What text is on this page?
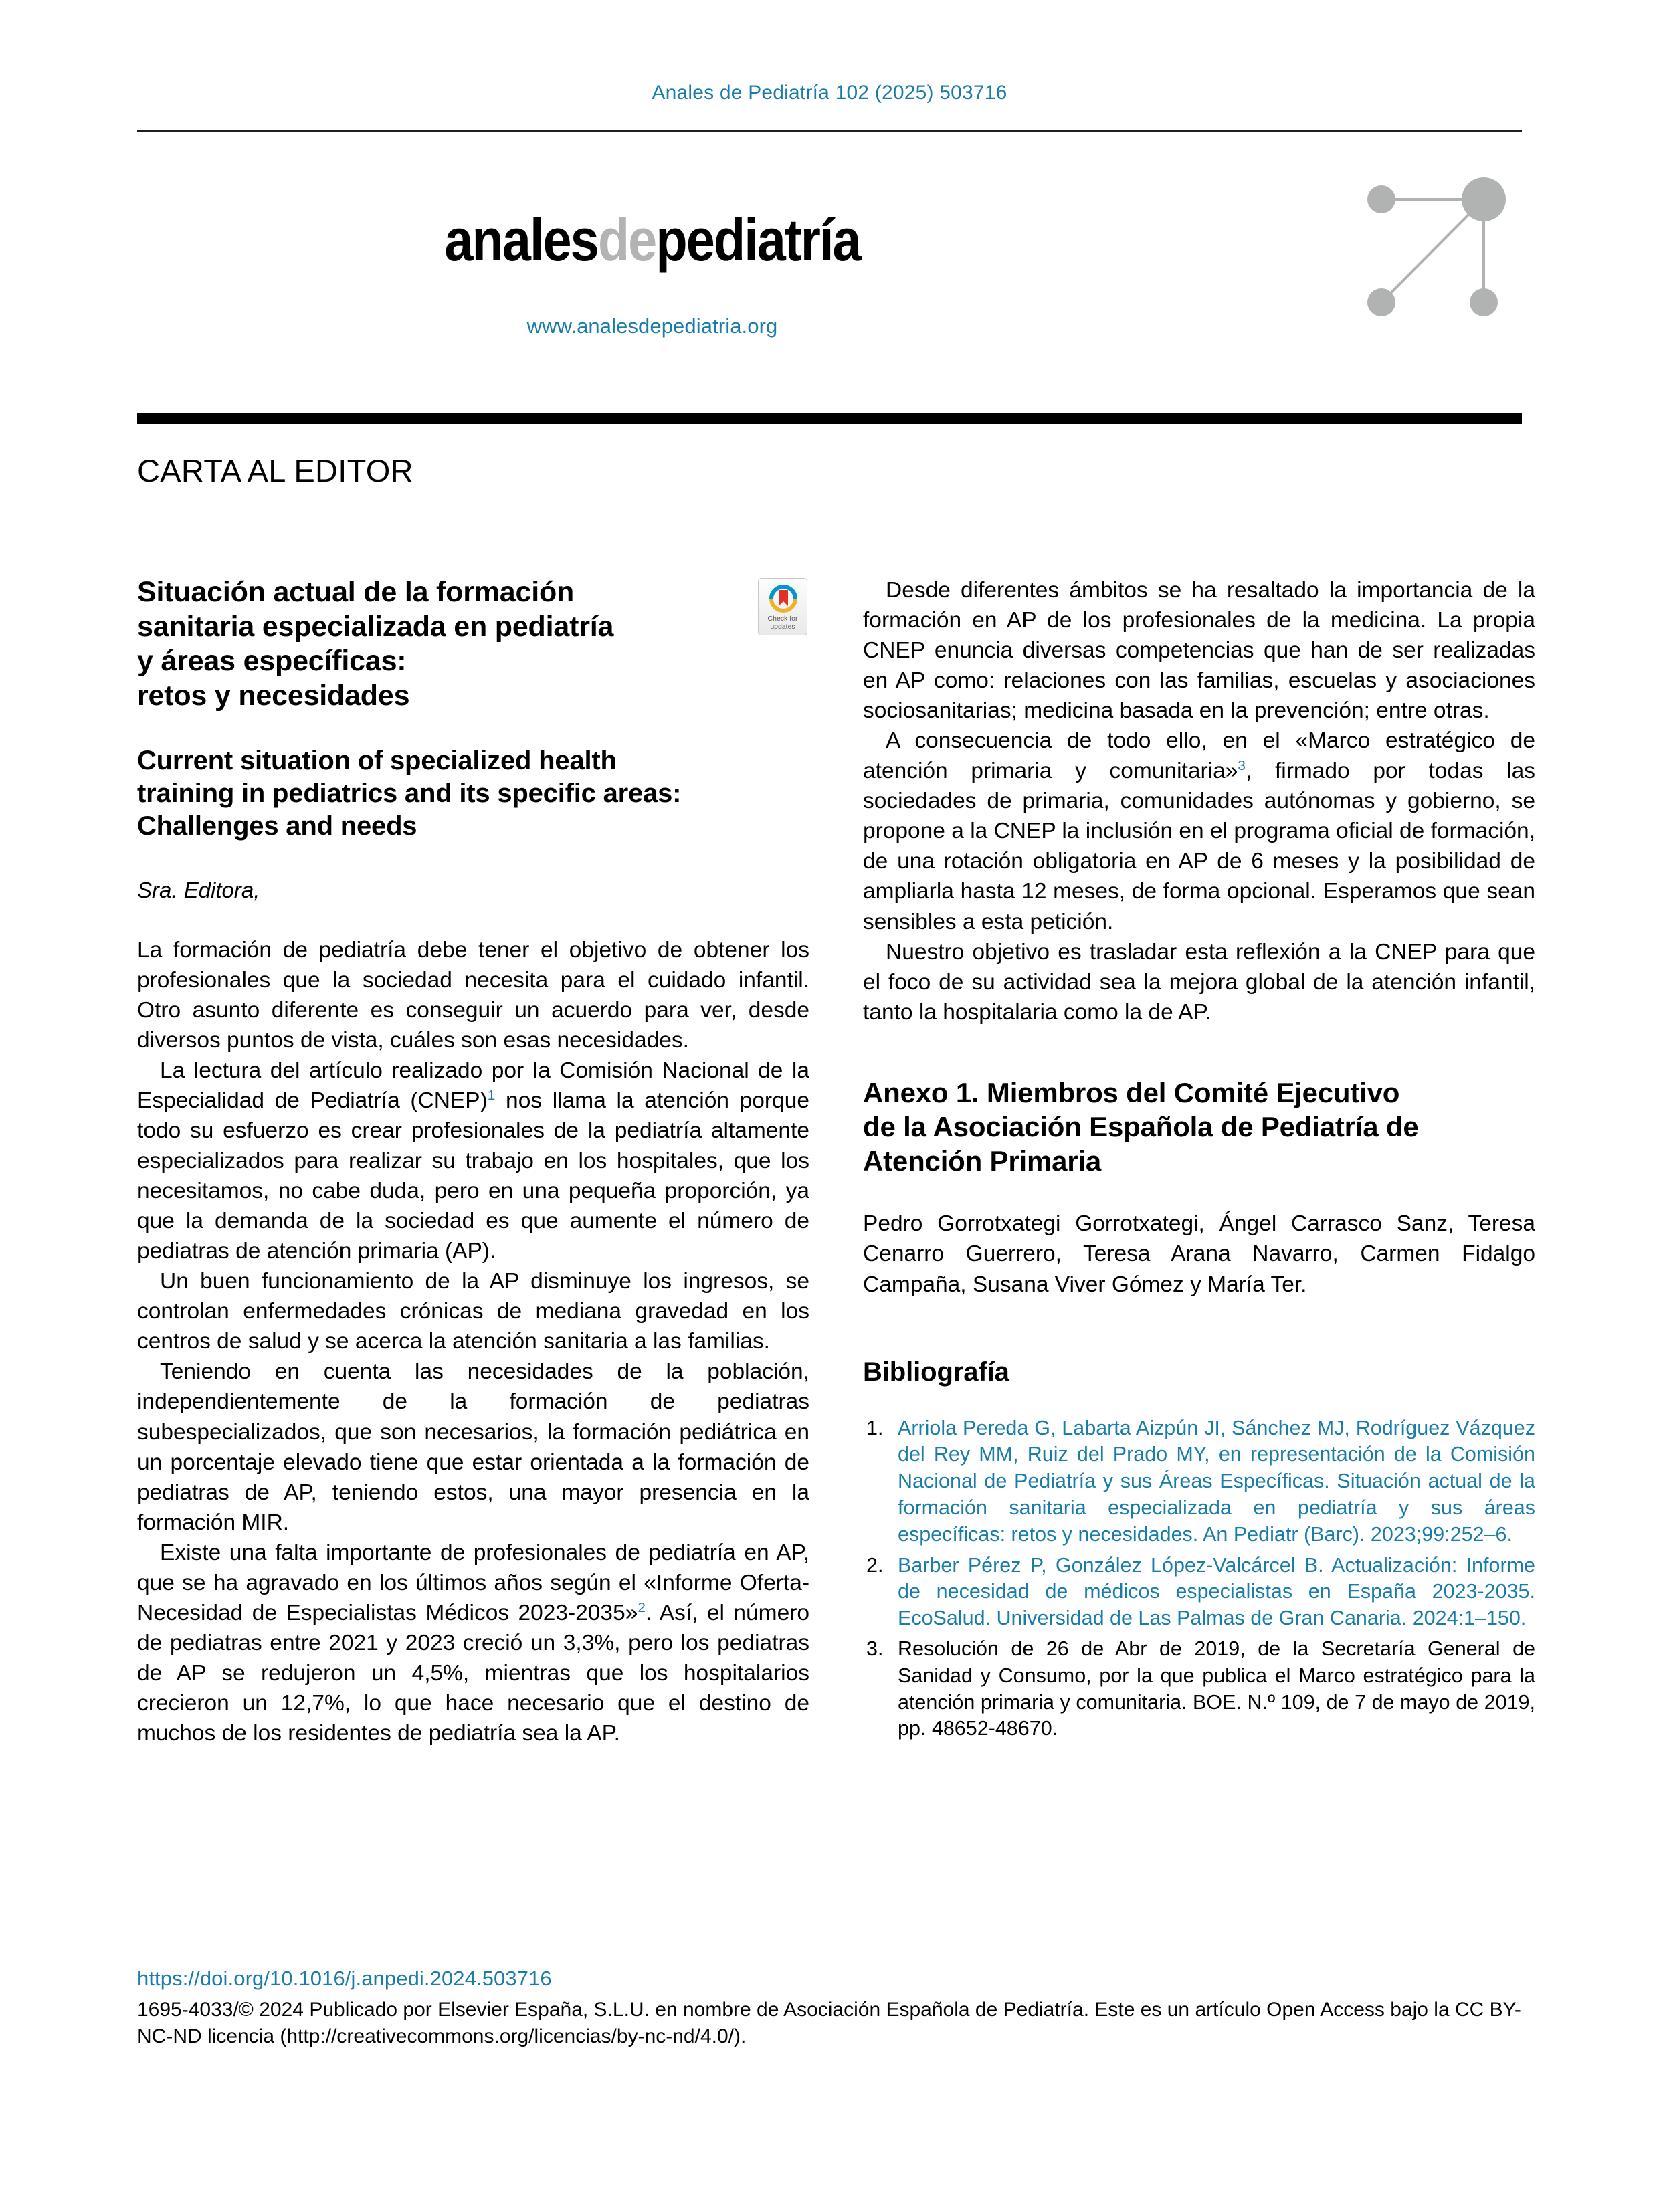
Anales de Pediatría 102 (2025) 503716
analesdepediatría
www.analesdepediatria.org
CARTA AL EDITOR
Check for
updates
Situación actual de la formación
sanitaria especializada en pediatría
y áreas específicas:
retos y necesidades
Current situation of specialized health
training in pediatrics and its specific areas:
Challenges and needs

Sra. Editora,

La formación de pediatría debe tener el objetivo de obtener los profesionales que la sociedad necesita para el cuidado infantil. Otro asunto diferente es conseguir un acuerdo para ver, desde diversos puntos de vista, cuáles son esas necesidades.

La lectura del artículo realizado por la Comisión Nacional de la Especialidad de Pediatría (CNEP)$^1$ nos llama la atención porque todo su esfuerzo es crear profesionales de la pediatría altamente especializados para realizar su trabajo en los hospitales, que los necesitamos, no cabe duda, pero en una pequeña proporción, ya que la demanda de la sociedad es que aumente el número de pediatras de atención primaria (AP).

Un buen funcionamiento de la AP disminuye los ingresos, se controlan enfermedades crónicas de mediana gravedad en los centros de salud y se acerca la atención sanitaria a las familias.

Teniendo en cuenta las necesidades de la población, independientemente de la formación de pediatras subespecializados, que son necesarios, la formación pediátrica en un porcentaje elevado tiene que estar orientada a la formación de pediatras de AP, teniendo estos, una mayor presencia en la formación MIR.

Existe una falta importante de profesionales de pediatría en AP, que se ha agravado en los últimos años según el «Informe Oferta-Necesidad de Especialistas Médicos 2023-2035»$^2$. Así, el número de pediatras entre 2021 y 2023 creció un 3,3%, pero los pediatras de AP se redujeron un 4,5%, mientras que los hospitalarios crecieron un 12,7%, lo que hace necesario que el destino de muchos de los residentes de pediatría sea la AP.

Desde diferentes ámbitos se ha resaltado la importancia de la formación en AP de los profesionales de la medicina. La propia CNEP enuncia diversas competencias que han de ser realizadas en AP como: relaciones con las familias, escuelas y asociaciones sociosanitarias; medicina basada en la prevención; entre otras.

A consecuencia de todo ello, en el «Marco estratégico de atención primaria y comunitaria»$^3$, firmado por todas las sociedades de primaria, comunidades autónomas y gobierno, se propone a la CNEP la inclusión en el programa oficial de formación, de una rotación obligatoria en AP de 6 meses y la posibilidad de ampliarla hasta 12 meses, de forma opcional. Esperamos que sean sensibles a esta petición.

Nuestro objetivo es trasladar esta reflexión a la CNEP para que el foco de su actividad sea la mejora global de la atención infantil, tanto la hospitalaria como la de AP.

Anexo 1. Miembros del Comité Ejecutivo
de la Asociación Española de Pediatría de
Atención Primaria

Pedro Gorrotxategi Gorrotxategi, Ángel Carrasco Sanz, Teresa Cenarro Guerrero, Teresa Arana Navarro, Carmen Fidalgo Campaña, Susana Viver Gómez y María Ter.

Bibliografía
Arriola Pereda G, Labarta Aizpún JI, Sánchez MJ, Rodríguez Vázquez del Rey MM, Ruiz del Prado MY, en representación de la Comisión Nacional de Pediatría y sus Áreas Específicas. Situación actual de la formación sanitaria especializada en pediatría y sus áreas específicas: retos y necesidades. An Pediatr (Barc). 2023;99:252–6.
Barber Pérez P, González López-Valcárcel B. Actualización: Informe de necesidad de médicos especialistas en España 2023-2035. EcoSalud. Universidad de Las Palmas de Gran Canaria. 2024:1–150.
Resolución de 26 de Abr de 2019, de la Secretaría General de Sanidad y Consumo, por la que publica el Marco estratégico para la atención primaria y comunitaria. BOE. N.º 109, de 7 de mayo de 2019, pp. 48652-48670.
https://doi.org/10.1016/j.anpedi.2024.503716
1695-4033/© 2024 Publicado por Elsevier España, S.L.U. en nombre de Asociación Española de Pediatría. Este es un artículo Open Access bajo la CC BY-NC-ND licencia (http://creativecommons.org/licencias/by-nc-nd/4.0/).
